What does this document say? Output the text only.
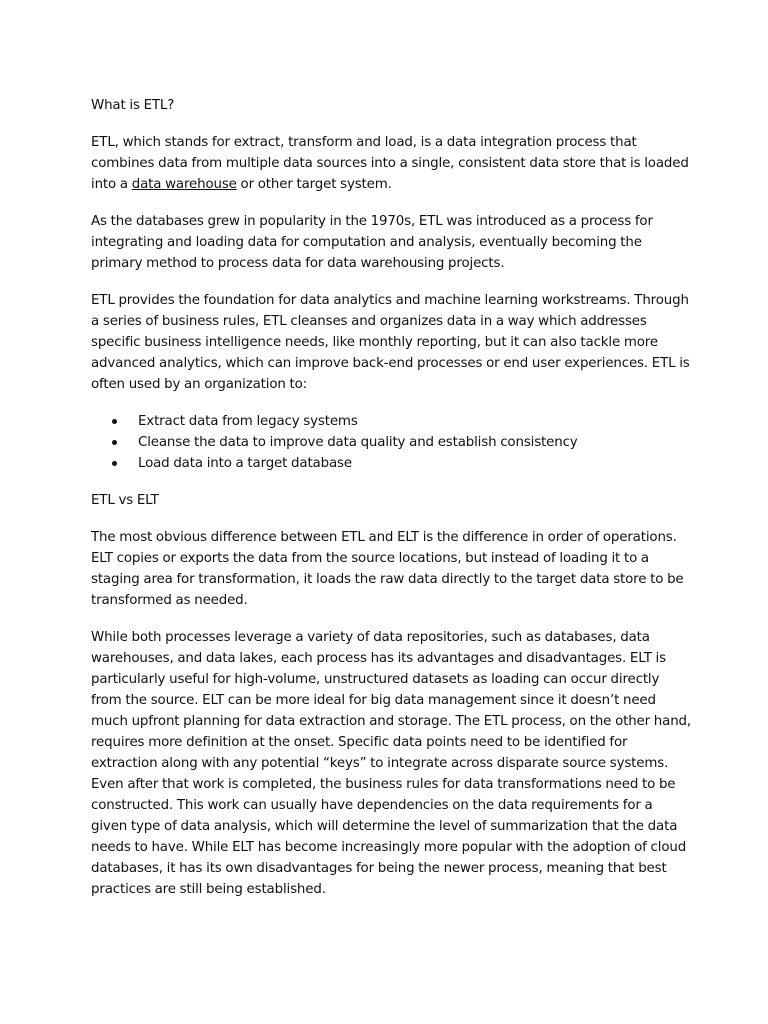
What is ETL?

ETL, which stands for extract, transform and load, is a data integration process that combines data from multiple data sources into a single, consistent data store that is loaded into a data warehouse or other target system.

As the databases grew in popularity in the 1970s, ETL was introduced as a process for integrating and loading data for computation and analysis, eventually becoming the primary method to process data for data warehousing projects.

ETL provides the foundation for data analytics and machine learning workstreams. Through a series of business rules, ETL cleanses and organizes data in a way which addresses specific business intelligence needs, like monthly reporting, but it can also tackle more advanced analytics, which can improve back-end processes or end user experiences. ETL is often used by an organization to:

Extract data from legacy systems
Cleanse the data to improve data quality and establish consistency
Load data into a target database
ETL vs ELT

The most obvious difference between ETL and ELT is the difference in order of operations. ELT copies or exports the data from the source locations, but instead of loading it to a staging area for transformation, it loads the raw data directly to the target data store to be transformed as needed.

While both processes leverage a variety of data repositories, such as databases, data warehouses, and data lakes, each process has its advantages and disadvantages. ELT is particularly useful for high-volume, unstructured datasets as loading can occur directly from the source. ELT can be more ideal for big data management since it doesn’t need much upfront planning for data extraction and storage. The ETL process, on the other hand, requires more definition at the onset. Specific data points need to be identified for extraction along with any potential “keys” to integrate across disparate source systems. Even after that work is completed, the business rules for data transformations need to be constructed. This work can usually have dependencies on the data requirements for a given type of data analysis, which will determine the level of summarization that the data needs to have. While ELT has become increasingly more popular with the adoption of cloud databases, it has its own disadvantages for being the newer process, meaning that best practices are still being established.
